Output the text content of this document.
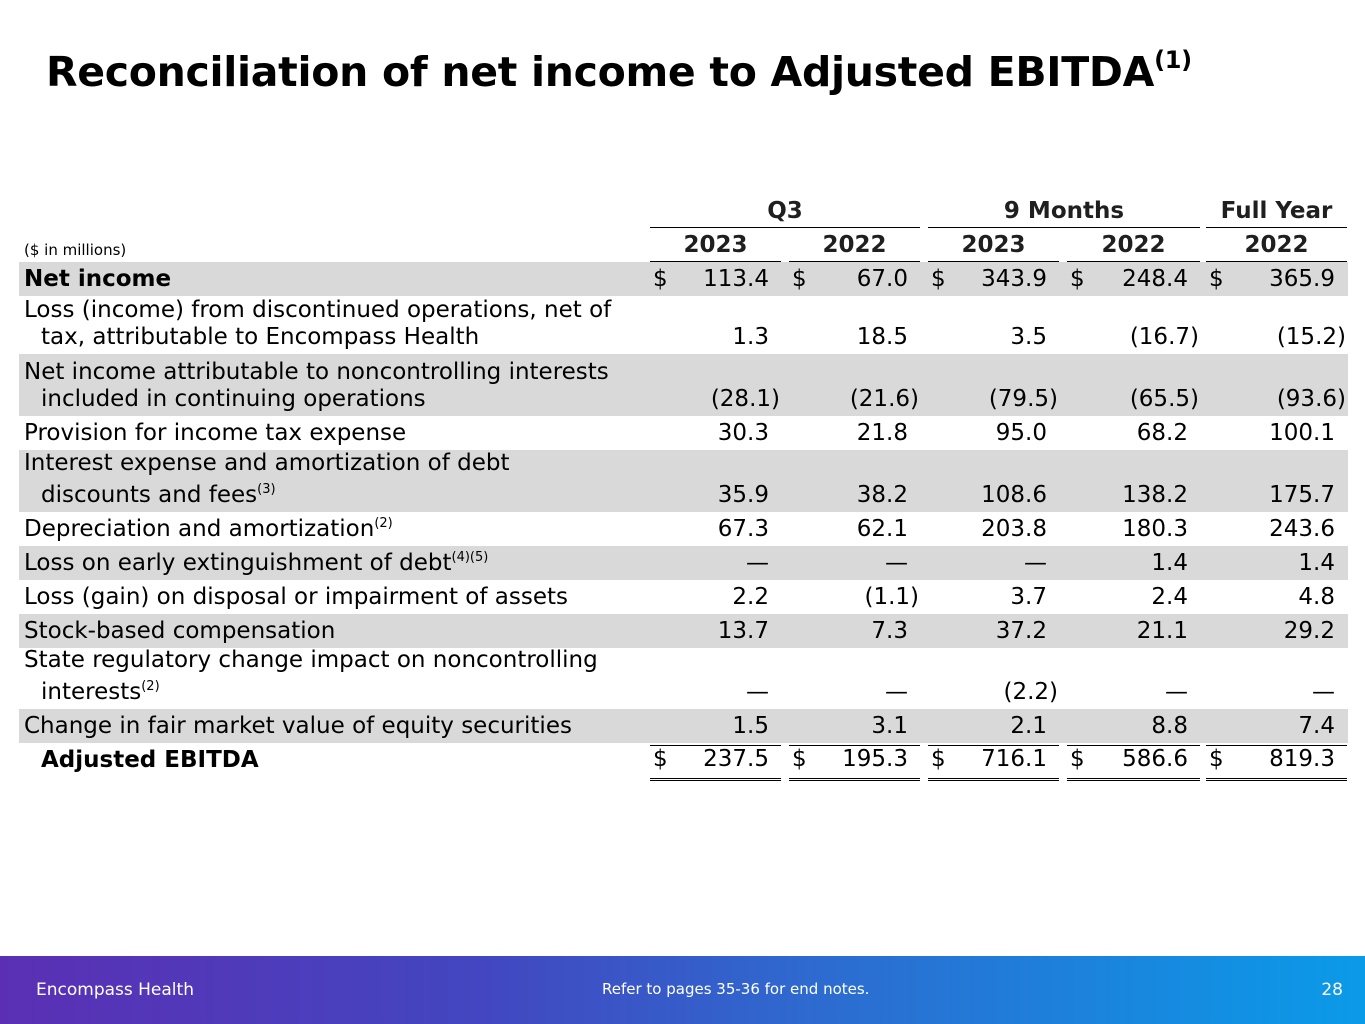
Reconciliation of net income to Adjusted EBITDA$^{(1)}$
Q3	9 Months	Full Year
($ in millions)	2023	2022	2023	2022	2022
Net income	$ 113.4 $ 67.0 $ 343.9 $ 248.4 $ 365.9
Loss (income) from discontinued operations, net of
tax, attributable to Encompass Health	1.3	18.5	3.5	(16.7)	(15.2)
Net income attributable to noncontrolling interests
included in continuing operations	(28.1)	(21.6)	(79.5)	(65.5)	(93.6)
Provision for income tax expense	30.3	21.8	95.0	68.2	100.1
Interest expense and amortization of debt
discounts and fees$^{(3)}$	35.9	38.2	108.6	138.2	175.7
Depreciation and amortization$^{(2)}$	67.3	62.1	203.8	180.3	243.6
Loss on early extinguishment of debt$^{(4)(5)}$	—	—	—	1.4	1.4
Loss (gain) on disposal or impairment of assets	2.2	(1.1)	3.7	2.4	4.8
Stock-based compensation	13.7	7.3	37.2	21.1	29.2
State regulatory change impact on noncontrolling
interests$^{(2)}$	—	—	(2.2)	—	—
Change in fair market value of equity securities	1.5	3.1	2.1	8.8	7.4
Adjusted EBITDA	$ 237.5 $ 195.3 $ 716.1 $ 586.6 $ 819.3
Encompass Health	Refer to pages 35-36 for end notes.	28
